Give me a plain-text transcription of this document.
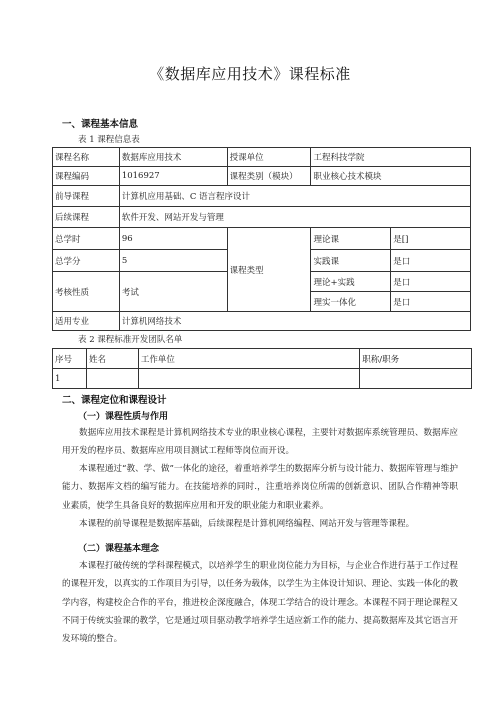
《数据库应用技术》课程标准
一、课程基本信息
表 1 课程信息表
课程名称	数据库应用技术	授课单位	工程科技学院	
课程编码	1016927	课程类别（模块）	职业核心技术模块	
前导课程	计算机应用基础、C 语言程序设计			
后续课程	软件开发、网站开发与管理			
总学时	96	课程类型	理论课	是[]
总学分	5		实践课	是口
考核性质	考试		理论+实践	是口
			理实一体化	是口
适用专业	计算机网络技术			
表 2 课程标准开发团队名单
序号	姓名	工作单位	职称/职务
1			
二、课程定位和课程设计
（一）课程性质与作用

数据库应用技术课程是计算机网络技术专业的职业核心课程，主要针对数据库系统管理员、数据库应用开发的程序员、数据库应用项目测试工程师等岗位而开设。

本课程通过“教、学、做”一体化的途径，着重培养学生的数据库分析与设计能力、数据库管理与维护能力、数据库文档的编写能力。在技能培养的同时.，注重培养岗位所需的创新意识、团队合作精神等职业素质，使学生具备良好的数据库应用和开发的职业能力和职业素养。

本课程的前导课程是数据库基础，后续课程是计算机网络编程、网站开发与管理等课程。

（二）课程基本理念

本课程打破传统的学科课程模式，以培养学生的职业岗位能力为目标，与企业合作进行基于工作过程的课程开发，以真实的工作项目为引导，以任务为载体，以学生为主体设计知识、理论、实践一体化的教学内容，构建校企合作的平台，推进校企深度融合，体现工学结合的设计理念。本课程不同于理论课程又不同于传统实验课的教学，它是通过项目驱动教学培养学生适应新工作的能力、提高数据库及其它语言开发环境的整合。
